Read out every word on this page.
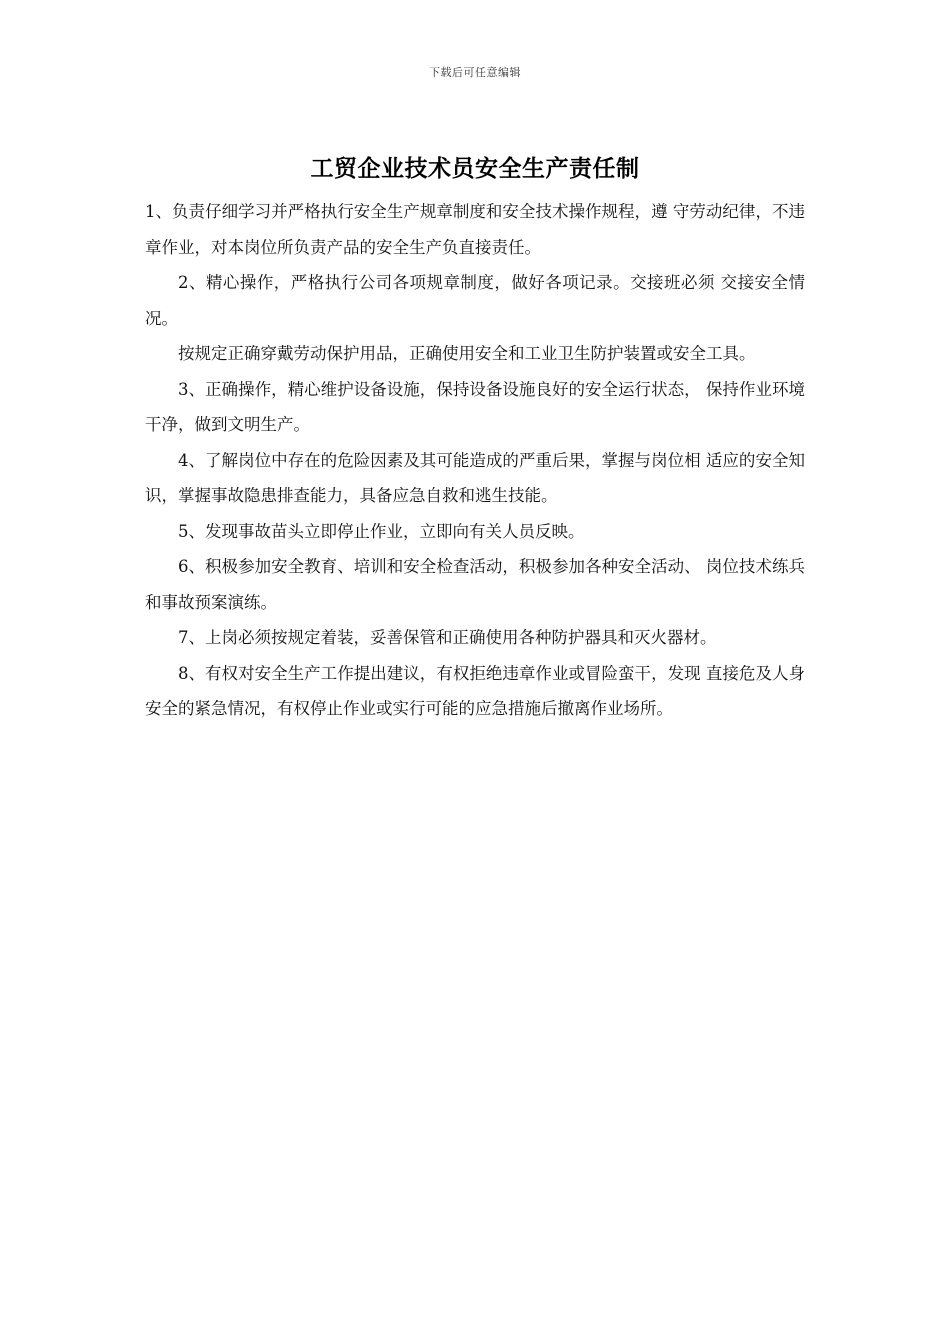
下载后可任意编辑
工贸企业技术员安全生产责任制

1、负责仔细学习并严格执行安全生产规章制度和安全技术操作规程，遵 守劳动纪律，不违章作业，对本岗位所负责产品的安全生产负直接责任。

2、精心操作，严格执行公司各项规章制度，做好各项记录。交接班必须 交接安全情况。

按规定正确穿戴劳动保护用品，正确使用安全和工业卫生防护装置或安全工具。

3、正确操作，精心维护设备设施，保持设备设施良好的安全运行状态， 保持作业环境干净，做到文明生产。

4、了解岗位中存在的危险因素及其可能造成的严重后果，掌握与岗位相 适应的安全知识，掌握事故隐患排查能力，具备应急自救和逃生技能。

5、发现事故苗头立即停止作业，立即向有关人员反映。

6、积极参加安全教育、培训和安全检查活动，积极参加各种安全活动、 岗位技术练兵和事故预案演练。

7、上岗必须按规定着装，妥善保管和正确使用各种防护器具和灭火器材。

8、有权对安全生产工作提出建议，有权拒绝违章作业或冒险蛮干，发现 直接危及人身安全的紧急情况，有权停止作业或实行可能的应急措施后撤离作业场所。
